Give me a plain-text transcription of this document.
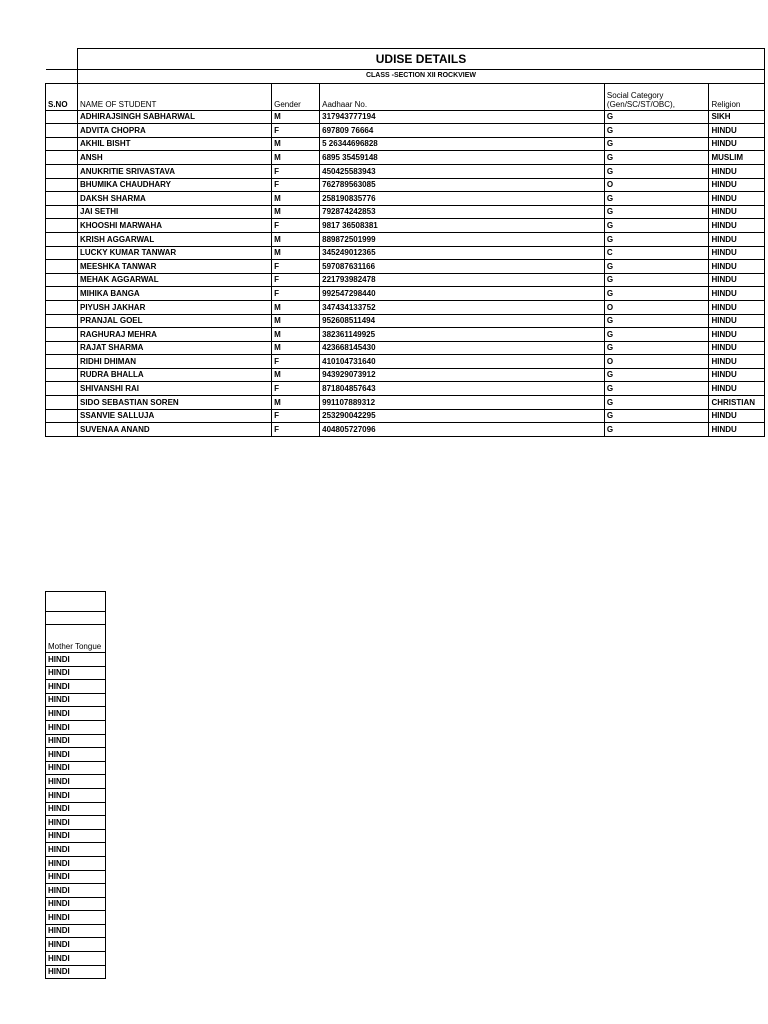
	UDISE DETAILS				
	CLASS -SECTION XII ROCKVIEW				
S.NO	NAME OF STUDENT	Gender	Aadhaar No.	Social Category (Gen/SC/ST/OBC),	Religion
	ADHIRAJSINGH SABHARWAL	M	317943777194	G	SIKH
	ADVITA CHOPRA	F	697809 76664	G	HINDU
	AKHIL BISHT	M	5 26344696828	G	HINDU
	ANSH	M	6895 35459148	G	MUSLIM
	ANUKRITIE SRIVASTAVA	F	450425583943	G	HINDU
	BHUMIKA CHAUDHARY	F	762789563085	O	HINDU
	DAKSH SHARMA	M	258190835776	G	HINDU
	JAI SETHI	M	792874242853	G	HINDU
	KHOOSHI MARWAHA	F	9817 36508381	G	HINDU
	KRISH AGGARWAL	M	889872501999	G	HINDU
	LUCKY KUMAR TANWAR	M	345249012365	C	HINDU
	MEESHKA TANWAR	F	597087631166	G	HINDU
	MEHAK AGGARWAL	F	221793982478	G	HINDU
	MIHIKA BANGA	F	992547298440	G	HINDU
	PIYUSH JAKHAR	M	347434133752	O	HINDU
	PRANJAL GOEL	M	952608511494	G	HINDU
	RAGHURAJ MEHRA	M	382361149925	G	HINDU
	RAJAT SHARMA	M	423668145430	G	HINDU
	RIDHI DHIMAN	F	410104731640	O	HINDU
	RUDRA BHALLA	M	943929073912	G	HINDU
	SHIVANSHI RAI	F	871804857643	G	HINDU
	SIDO SEBASTIAN SOREN	M	991107889312	G	CHRISTIAN
	SSANVIE SALLUJA	F	253290042295	G	HINDU
	SUVENAA ANAND	F	404805727096	G	HINDU

Mother Tongue
HINDI
HINDI
HINDI
HINDI
HINDI
HINDI
HINDI
HINDI
HINDI
HINDI
HINDI
HINDI
HINDI
HINDI
HINDI
HINDI
HINDI
HINDI
HINDI
HINDI
HINDI
HINDI
HINDI
HINDI
